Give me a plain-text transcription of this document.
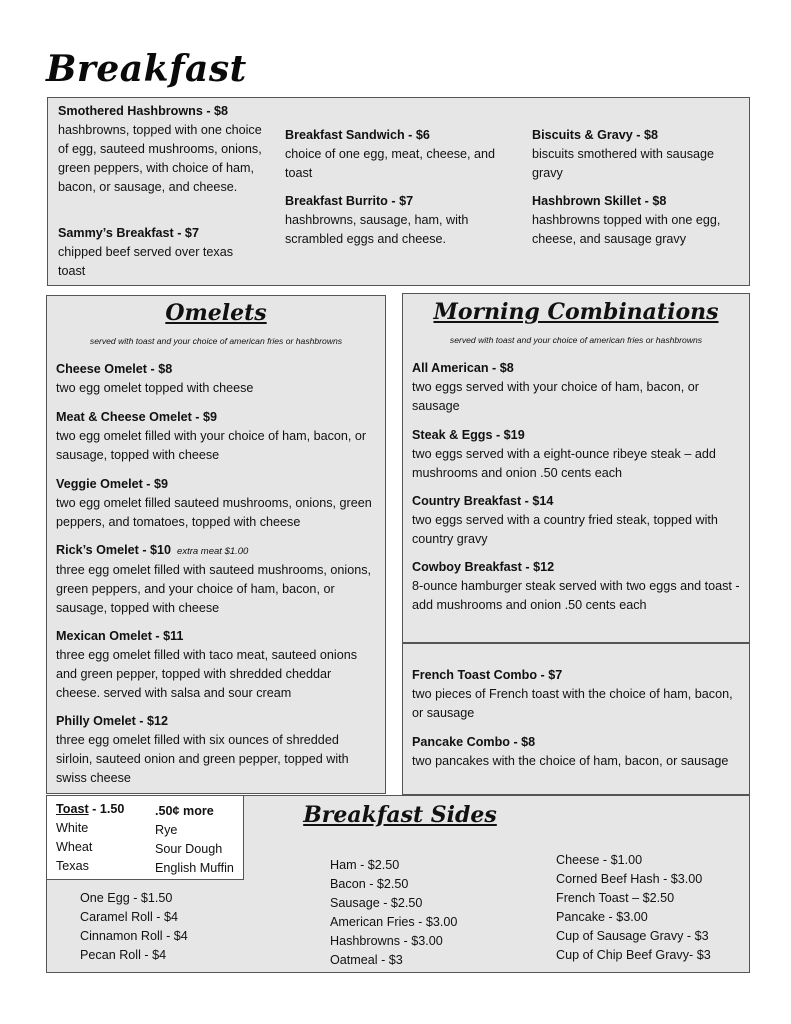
Breakfast
Smothered Hashbrowns - $8
hashbrowns, topped with one choice of egg, sauteed mushrooms, onions, green peppers, with choice of ham, bacon, or sausage, and cheese.
Sammy’s Breakfast - $7
chipped beef served over texas toast
Breakfast Sandwich - $6
choice of one egg, meat, cheese, and toast
Breakfast Burrito - $7
hashbrowns, sausage, ham, with scrambled eggs and cheese.
Biscuits & Gravy - $8
biscuits smothered with sausage gravy
Hashbrown Skillet - $8
hashbrowns topped with one egg, cheese, and sausage gravy
Omelets
served with toast and your choice of american fries or hashbrowns
Cheese Omelet - $8
two egg omelet topped with cheese
Meat & Cheese Omelet - $9
two egg omelet filled with your choice of ham, bacon, or sausage, topped with cheese
Veggie Omelet - $9
two egg omelet filled sauteed mushrooms, onions, green peppers, and tomatoes, topped with cheese
Rick’s Omelet - $10 extra meat $1.00
three egg omelet filled with sauteed mushrooms, onions, green peppers, and your choice of ham, bacon, or sausage, topped with cheese
Mexican Omelet - $11
three egg omelet filled with taco meat, sauteed onions and green pepper, topped with shredded cheddar cheese. served with salsa and sour cream
Philly Omelet - $12
three egg omelet filled with six ounces of shredded sirloin, sauteed onion and green pepper, topped with swiss cheese
Morning Combinations
served with toast and your choice of american fries or hashbrowns
All American - $8
two eggs served with your choice of ham, bacon, or sausage
Steak & Eggs - $19
two eggs served with a eight-ounce ribeye steak – add mushrooms and onion .50 cents each
Country Breakfast - $14
two eggs served with a country fried steak, topped with country gravy
Cowboy Breakfast - $12
8-ounce hamburger steak served with two eggs and toast - add mushrooms and onion .50 cents each
French Toast Combo - $7
two pieces of French toast with the choice of ham, bacon, or sausage
Pancake Combo - $8
two pancakes with the choice of ham, bacon, or sausage
Toast - 1.50
White
Wheat
Texas
.50¢ more
Rye
Sour Dough
English Muffin
Breakfast Sides
One Egg - $1.50
Caramel Roll - $4
Cinnamon Roll - $4
Pecan Roll - $4
Ham - $2.50
Bacon - $2.50
Sausage - $2.50
American Fries - $3.00
Hashbrowns - $3.00
Oatmeal - $3
Cheese - $1.00
Corned Beef Hash - $3.00
French Toast – $2.50
Pancake - $3.00
Cup of Sausage Gravy - $3
Cup of Chip Beef Gravy- $3
